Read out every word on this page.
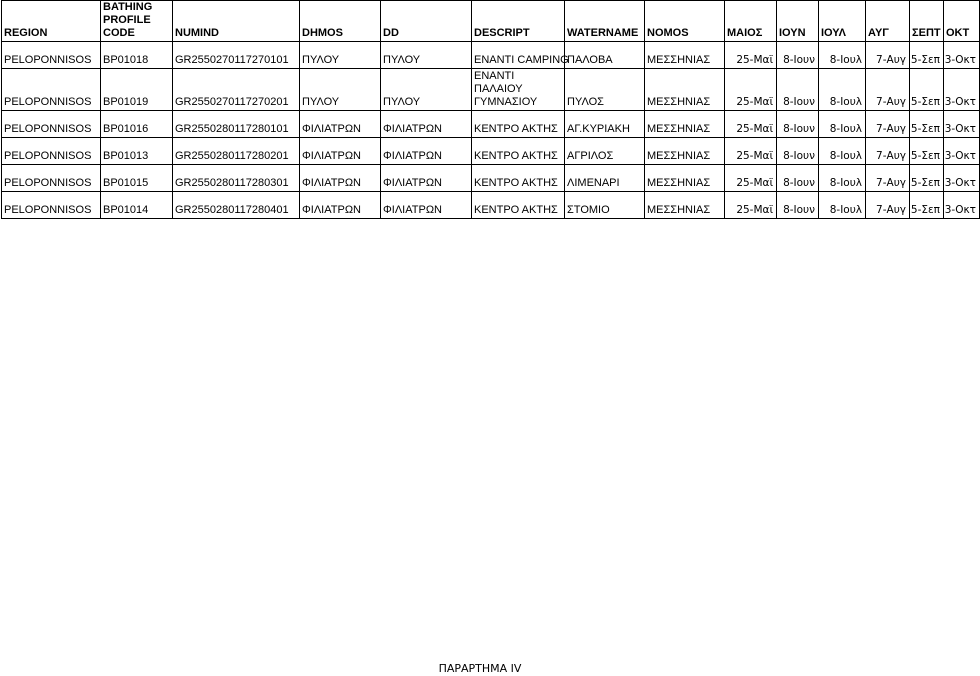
REGION	BATHING PROFILE CODE	NUMIND	DHMOS	DD	DESCRIPT	WATERNAME	NOMOS	ΜΑΙΟΣ	ΙΟΥΝ	ΙΟΥΛ	ΑΥΓ	ΣΕΠΤ	ΟΚΤ
PELOPONNISOS	BP01018	GR2550270117270101	ΠΥΛΟΥ	ΠΥΛΟΥ	ΕΝΑΝΤΙ CAMPING	ΠΑΛΟΒΑ	ΜΕΣΣΗΝΙΑΣ	25-Μαϊ	8-Ιουν	8-Ιουλ	7-Αυγ	5-Σεπ	3-Οκτ
PELOPONNISOS	BP01019	GR2550270117270201	ΠΥΛΟΥ	ΠΥΛΟΥ	ΕΝΑΝΤΙ ΠΑΛΑΙΟΥ ΓΥΜΝΑΣΙΟΥ	ΠΥΛΟΣ	ΜΕΣΣΗΝΙΑΣ	25-Μαϊ	8-Ιουν	8-Ιουλ	7-Αυγ	5-Σεπ	3-Οκτ
PELOPONNISOS	BP01016	GR2550280117280101	ΦΙΛΙΑΤΡΩΝ	ΦΙΛΙΑΤΡΩΝ	ΚΕΝΤΡΟ ΑΚΤΗΣ	ΑΓ.ΚΥΡΙΑΚΗ	ΜΕΣΣΗΝΙΑΣ	25-Μαϊ	8-Ιουν	8-Ιουλ	7-Αυγ	5-Σεπ	3-Οκτ
PELOPONNISOS	BP01013	GR2550280117280201	ΦΙΛΙΑΤΡΩΝ	ΦΙΛΙΑΤΡΩΝ	ΚΕΝΤΡΟ ΑΚΤΗΣ	ΑΓΡΙΛΟΣ	ΜΕΣΣΗΝΙΑΣ	25-Μαϊ	8-Ιουν	8-Ιουλ	7-Αυγ	5-Σεπ	3-Οκτ
PELOPONNISOS	BP01015	GR2550280117280301	ΦΙΛΙΑΤΡΩΝ	ΦΙΛΙΑΤΡΩΝ	ΚΕΝΤΡΟ ΑΚΤΗΣ	ΛΙΜΕΝΑΡΙ	ΜΕΣΣΗΝΙΑΣ	25-Μαϊ	8-Ιουν	8-Ιουλ	7-Αυγ	5-Σεπ	3-Οκτ
PELOPONNISOS	BP01014	GR2550280117280401	ΦΙΛΙΑΤΡΩΝ	ΦΙΛΙΑΤΡΩΝ	ΚΕΝΤΡΟ ΑΚΤΗΣ	ΣΤΟΜΙΟ	ΜΕΣΣΗΝΙΑΣ	25-Μαϊ	8-Ιουν	8-Ιουλ	7-Αυγ	5-Σεπ	3-Οκτ
ΠΑΡΑΡΤΗΜΑ IV
